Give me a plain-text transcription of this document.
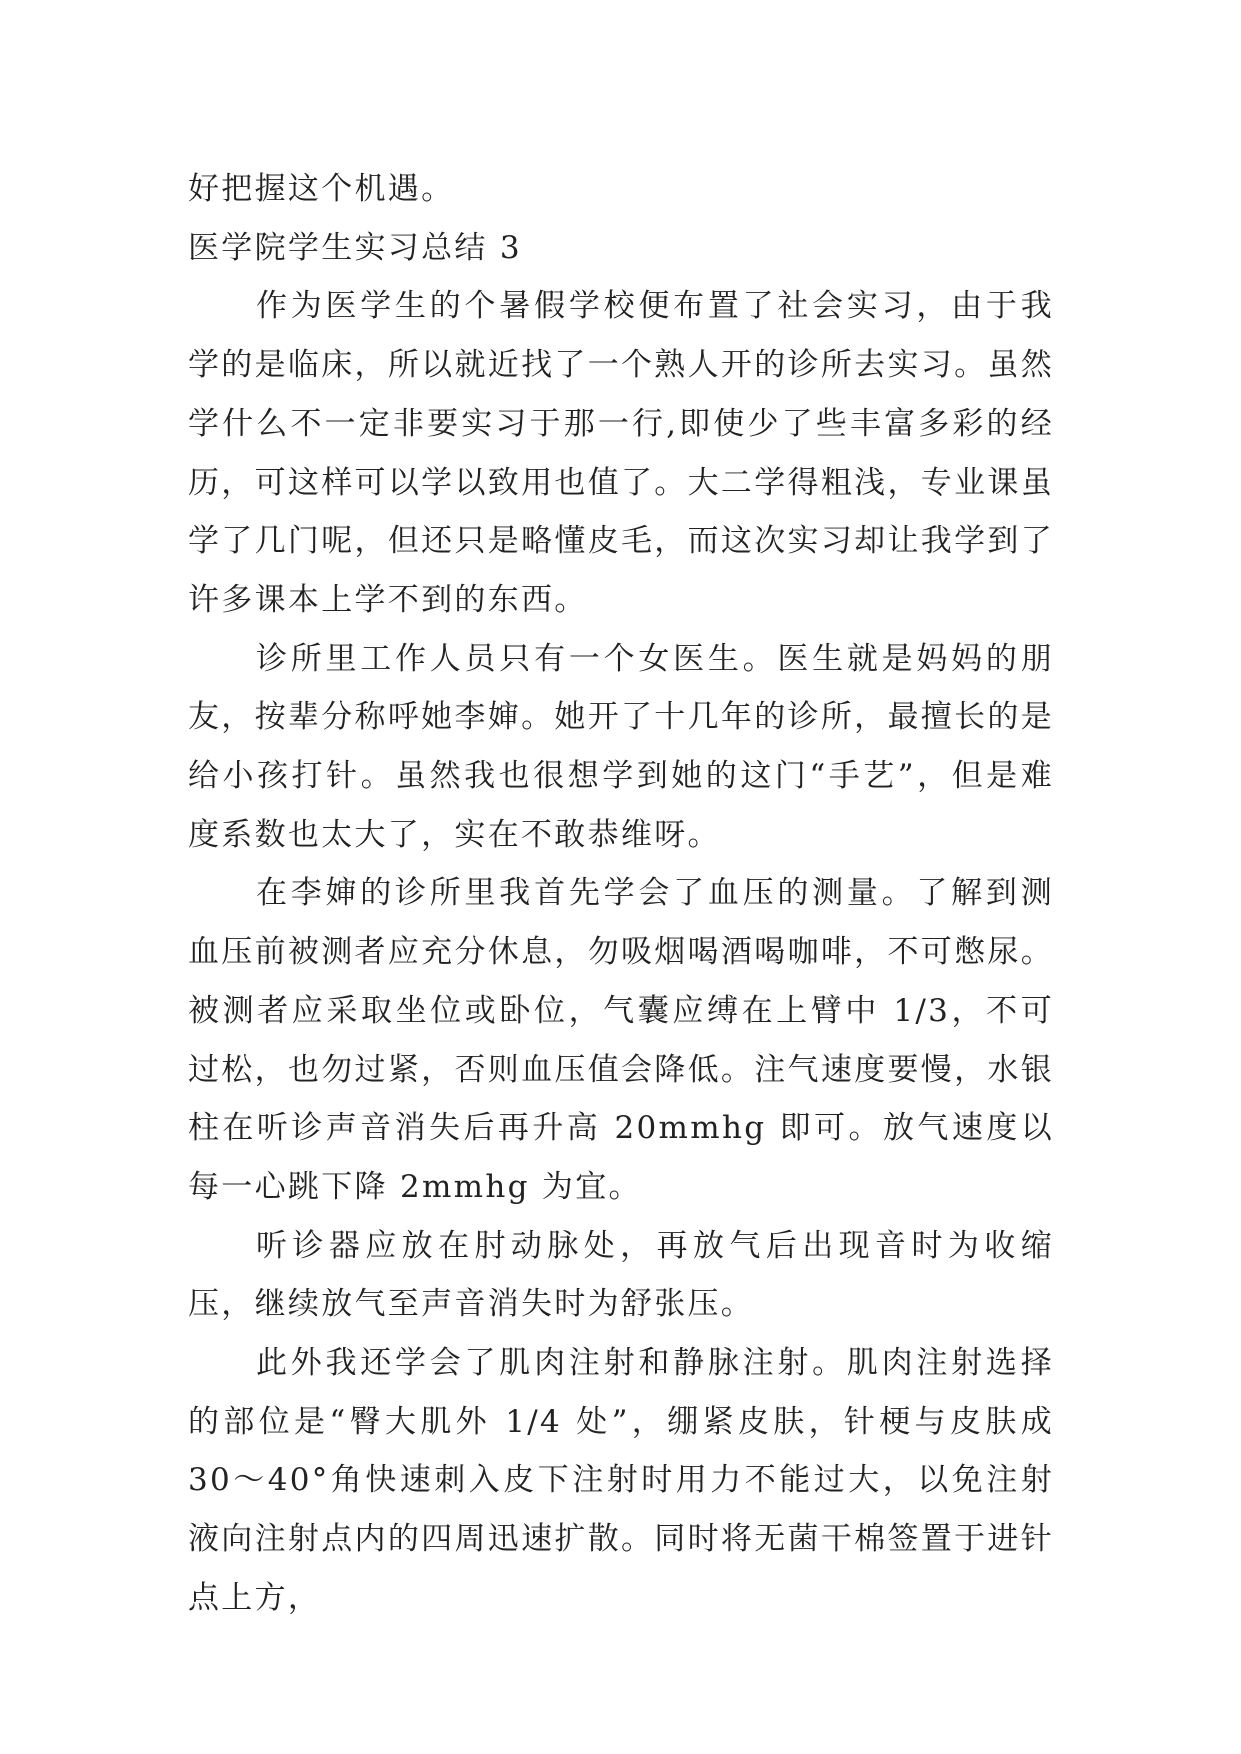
好把握这个机遇。

医学院学生实习总结 3

作为医学生的个暑假学校便布置了社会实习，由于我学的是临床，所以就近找了一个熟人开的诊所去实习。虽然学什么不一定非要实习于那一行,即使少了些丰富多彩的经历，可这样可以学以致用也值了。大二学得粗浅，专业课虽学了几门呢，但还只是略懂皮毛，而这次实习却让我学到了许多课本上学不到的东西。

诊所里工作人员只有一个女医生。医生就是妈妈的朋友，按辈分称呼她李婶。她开了十几年的诊所，最擅长的是给小孩打针。虽然我也很想学到她的这门“手艺”，但是难度系数也太大了，实在不敢恭维呀。

在李婶的诊所里我首先学会了血压的测量。了解到测血压前被测者应充分休息，勿吸烟喝酒喝咖啡，不可憋尿。被测者应采取坐位或卧位，气囊应缚在上臂中 1/3，不可过松，也勿过紧，否则血压值会降低。注气速度要慢，水银柱在听诊声音消失后再升高 20mmhg 即可。放气速度以每一心跳下降 2mmhg 为宜。

听诊器应放在肘动脉处，再放气后出现音时为收缩压，继续放气至声音消失时为舒张压。

此外我还学会了肌肉注射和静脉注射。肌肉注射选择的部位是“臀大肌外 1/4 处”，绷紧皮肤，针梗与皮肤成 30～40°角快速刺入皮下注射时用力不能过大，以免注射液向注射点内的四周迅速扩散。同时将无菌干棉签置于进针点上方，
